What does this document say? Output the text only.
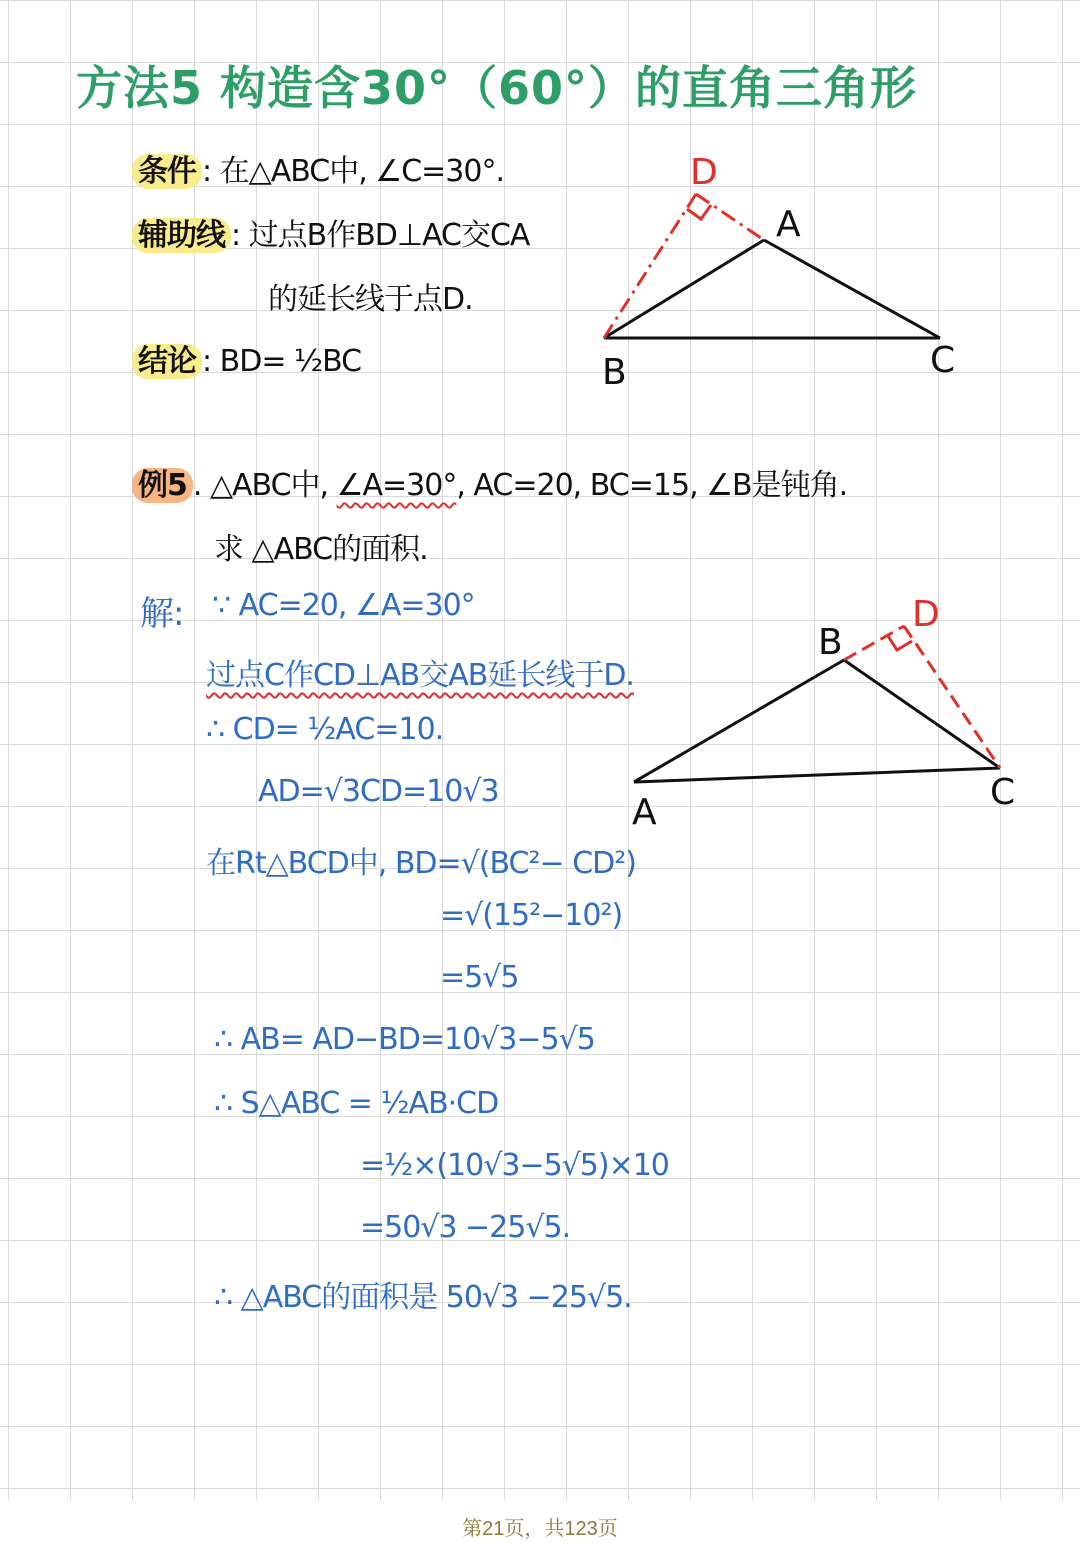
方法5 构造含30°（60°）的直角三角形
条件 : 在△ABC中, ∠C=30°.
辅助线 : 过点B作BD⊥AC交CA
的延长线于点D.
结论 : BD= ½BC
例5 . △ABC中, ∠A=30°, AC=20, BC=15, ∠B是钝角.
求 △ABC的面积.
解: ∵ AC=20, ∠A=30°
过点C作CD⊥AB交AB延长线于D.
∴ CD= ½AC=10.
AD=√3CD=10√3
在Rt△BCD中, BD=√(BC²− CD²)
=√(15²−10²)
=5√5
∴ AB= AD−BD=10√3−5√5
∴ S△ABC = ½AB·CD
=½×(10√3−5√5)×10
=50√3 −25√5.
∴ △ABC的面积是 50√3 −25√5.
A
B	C
D
A
B
C
D
第21页，共123页
